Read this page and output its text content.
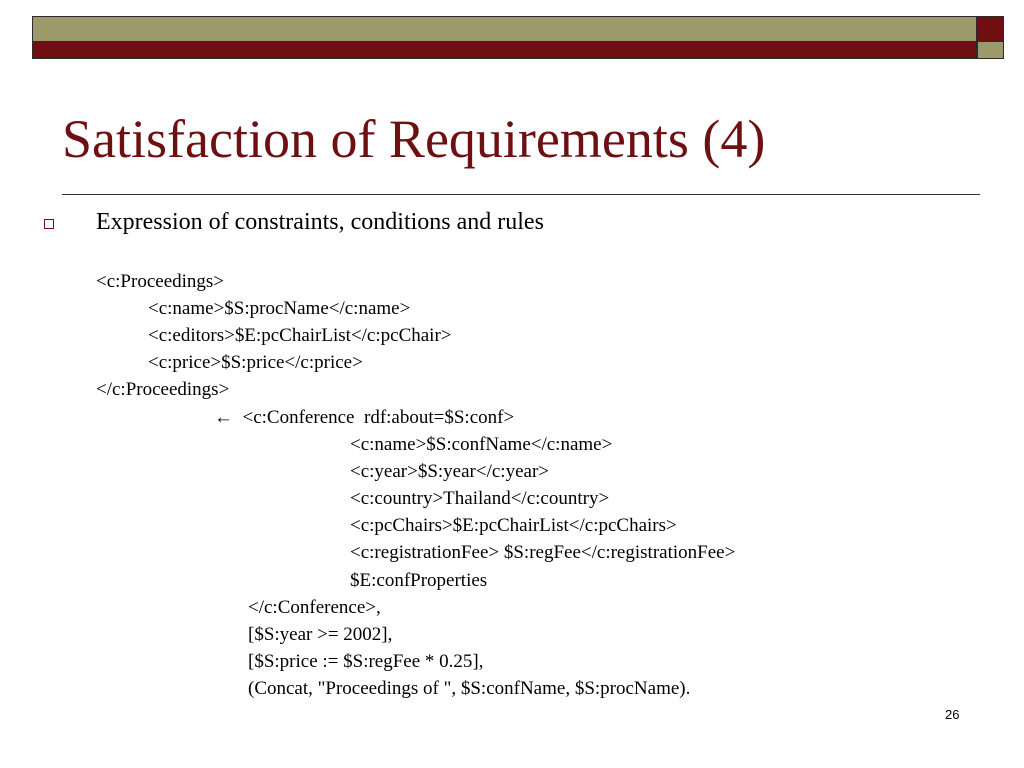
Satisfaction of Requirements (4)
Expression of constraints, conditions and rules
<c:Proceedings>
<c:name>$S:procName</c:name>
<c:editors>$E:pcChairList</c:pcChair>
<c:price>$S:price</c:price>
</c:Proceedings>
←  <c:Conference  rdf:about=$S:conf>
<c:name>$S:confName</c:name>
<c:year>$S:year</c:year>
<c:country>Thailand</c:country>
<c:pcChairs>$E:pcChairList</c:pcChairs>
<c:registrationFee> $S:regFee</c:registrationFee>
$E:confProperties
</c:Conference>,
[$S:year >= 2002],
[$S:price := $S:regFee * 0.25],
(Concat, "Proceedings of ", $S:confName, $S:procName).
26
